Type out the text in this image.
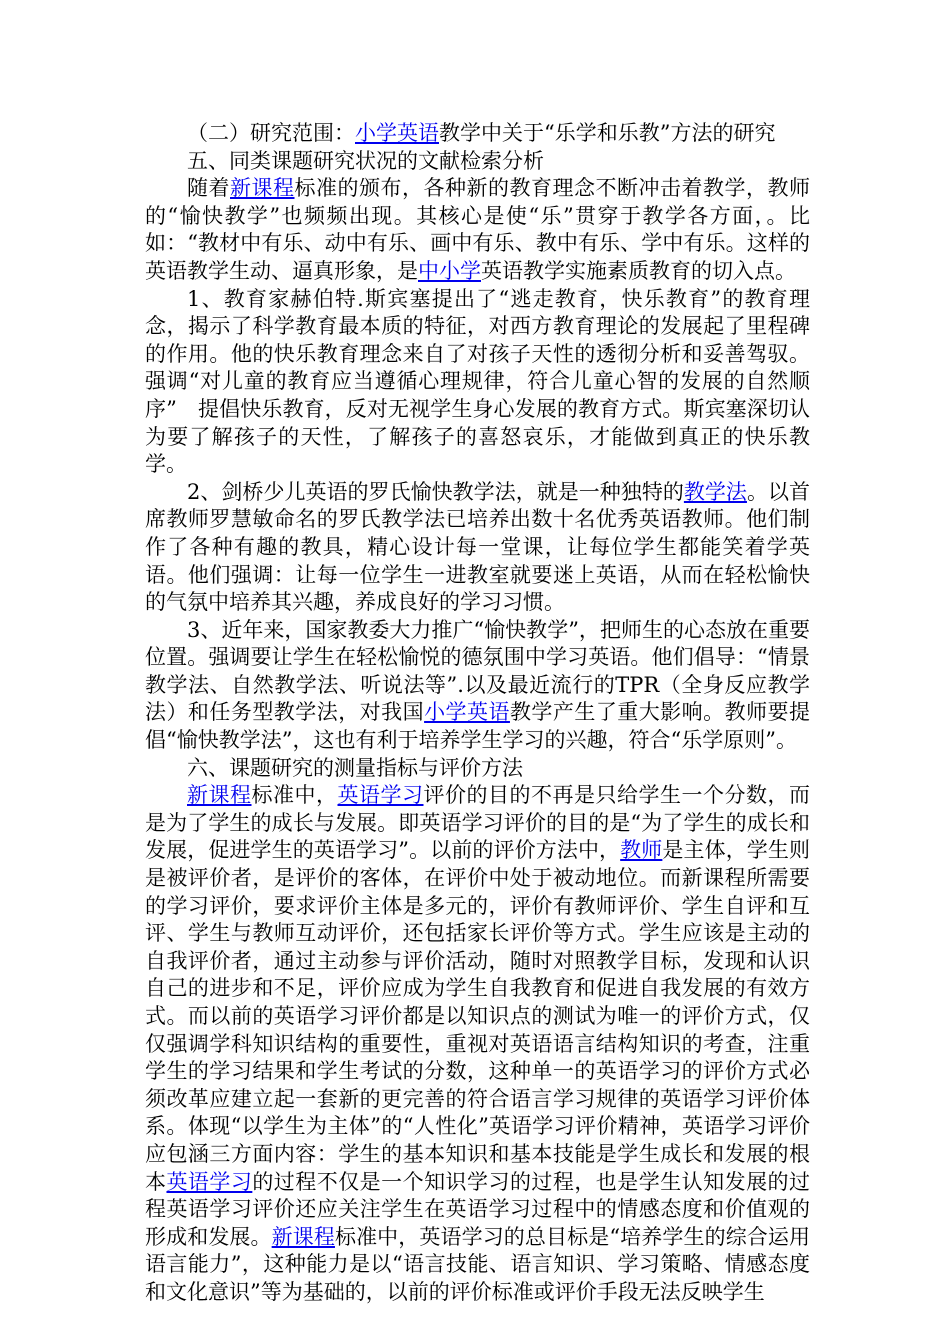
（二）研究范围：小学英语教学中关于“乐学和乐教”方法的研究

五、同类课题研究状况的文献检索分析

随着新课程标准的颁布，各种新的教育理念不断冲击着教学，教师的“愉快教学”也频频出现。其核心是使“乐”贯穿于教学各方面，。比如：“教材中有乐、动中有乐、画中有乐、教中有乐、学中有乐。这样的英语教学生动、逼真形象，是中小学英语教学实施素质教育的切入点。

1、教育家赫伯特.斯宾塞提出了“逃走教育，快乐教育”的教育理念，揭示了科学教育最本质的特征，对西方教育理论的发展起了里程碑的作用。他的快乐教育理念来自了对孩子天性的透彻分析和妥善驾驭。强调“对儿童的教育应当遵循心理规律，符合儿童心智的发展的自然顺序”　提倡快乐教育，反对无视学生身心发展的教育方式。斯宾塞深切认为要了解孩子的天性，了解孩子的喜怒哀乐，才能做到真正的快乐教学。

2、剑桥少儿英语的罗氏愉快教学法，就是一种独特的教学法。以首席教师罗慧敏命名的罗氏教学法已培养出数十名优秀英语教师。他们制作了各种有趣的教具，精心设计每一堂课，让每位学生都能笑着学英语。他们强调：让每一位学生一进教室就要迷上英语，从而在轻松愉快的气氛中培养其兴趣，养成良好的学习习惯。

3、近年来，国家教委大力推广“愉快教学”，把师生的心态放在重要位置。强调要让学生在轻松愉悦的德氛围中学习英语。他们倡导：“情景教学法、自然教学法、听说法等”.以及最近流行的TPR（全身反应教学法）和任务型教学法，对我国小学英语教学产生了重大影响。教师要提倡“愉快教学法”，这也有利于培养学生学习的兴趣，符合“乐学原则”。

六、课题研究的测量指标与评价方法

新课程标准中，英语学习评价的目的不再是只给学生一个分数，而是为了学生的成长与发展。即英语学习评价的目的是“为了学生的成长和发展，促进学生的英语学习”。以前的评价方法中，教师是主体，学生则是被评价者，是评价的客体，在评价中处于被动地位。而新课程所需要的学习评价，要求评价主体是多元的，评价有教师评价、学生自评和互评、学生与教师互动评价，还包括家长评价等方式。学生应该是主动的自我评价者，通过主动参与评价活动，随时对照教学目标，发现和认识自己的进步和不足，评价应成为学生自我教育和促进自我发展的有效方式。而以前的英语学习评价都是以知识点的测试为唯一的评价方式，仅仅强调学科知识结构的重要性，重视对英语语言结构知识的考查，注重学生的学习结果和学生考试的分数，这种单一的英语学习的评价方式必须改革应建立起一套新的更完善的符合语言学习规律的英语学习评价体系。体现“以学生为主体”的“人性化”英语学习评价精神，英语学习评价应包涵三方面内容：学生的基本知识和基本技能是学生成长和发展的根本英语学习的过程不仅是一个知识学习的过程，也是学生认知发展的过程英语学习评价还应关注学生在英语学习过程中的情感态度和价值观的形成和发展。新课程标准中，英语学习的总目标是“培养学生的综合运用语言能力”，这种能力是以“语言技能、语言知识、学习策略、情感态度和文化意识”等为基础的，以前的评价标准或评价手段无法反映学生
